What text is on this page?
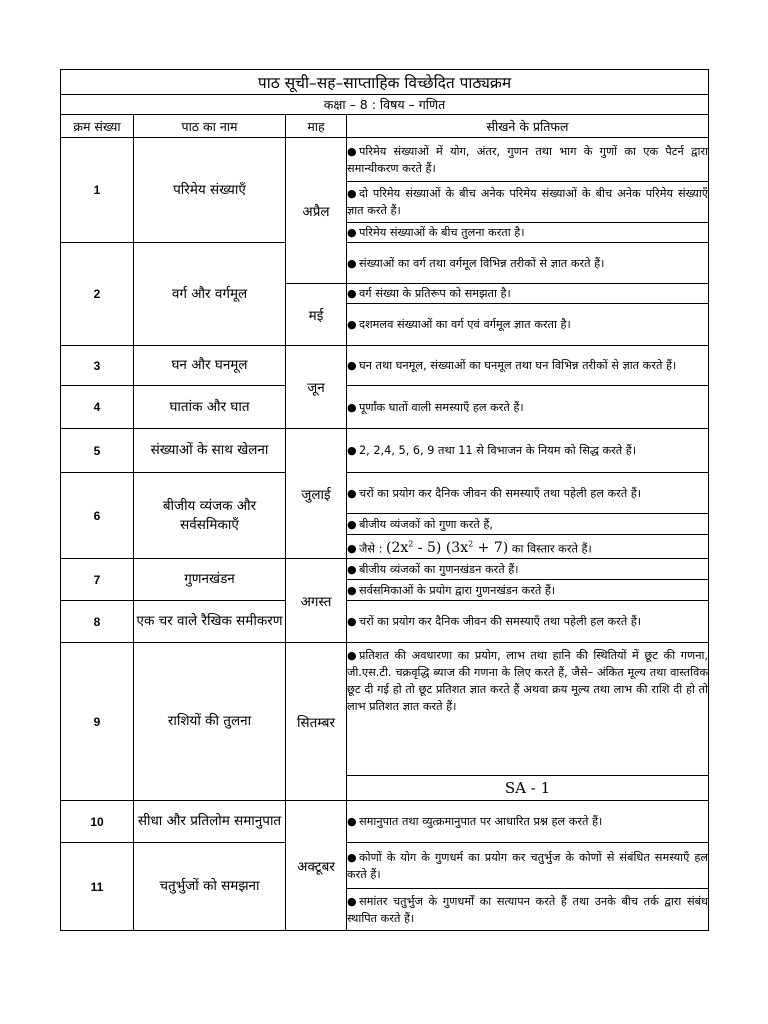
पाठ सूची–सह–साप्ताहिक विच्छेदित पाठ्यक्रम			
कक्षा – 8 : विषय – गणित			
क्रम संख्या	पाठ का नाम	माह	सीखने के प्रतिफल
1	परिमेय संख्याएँ	अप्रैल	● परिमेय संख्याओं में योग, अंतर, गुणन तथा भाग के गुणों का एक पैटर्न द्वारा समान्यीकरण करते हैं।
			● दो परिमेय संख्याओं के बीच अनेक परिमेय संख्याओं के बीच अनेक परिमेय संख्याएँ ज्ञात करते हैं।
			● परिमेय संख्याओं के बीच तुलना करता है।
2	वर्ग और वर्गमूल		● संख्याओं का वर्ग तथा वर्गमूल विभिन्न तरीकों से ज्ञात करते हैं।
		मई	● वर्ग संख्या के प्रतिरूप को समझता है।
			● दशमलव संख्याओं का वर्ग एवं वर्गमूल ज्ञात करता है।
3	घन और घनमूल	जून	● घन तथा घनमूल, संख्याओं का घनमूल तथा घन विभिन्न तरीकों से ज्ञात करते हैं।
4	घातांक और घात		● पूर्णांक घातों वाली समस्याएँ हल करते हैं।
5	संख्याओं के साथ खेलना	जुलाई	● 2, 2,4, 5, 6, 9 तथा 11 से विभाजन के नियम को सिद्ध करते हैं।
6	बीजीय व्यंजक और सर्वसमिकाएँ		● चरों का प्रयोग कर दैनिक जीवन की समस्याएँ तथा पहेली हल करते हैं।
			● बीजीय व्यंजकों को गुणा करते हैं,
			● जैसे : $(2x^2 - 5) (3x^2 + 7)$ का विस्तार करते हैं।
7	गुणनखंडन	अगस्त	● बीजीय व्यंजकों का गुणनखंडन करते हैं।
			● सर्वसमिकाओं के प्रयोग द्वारा गुणनखंडन करते हैं।
8	एक चर वाले रैखिक समीकरण		● चरों का प्रयोग कर दैनिक जीवन की समस्याएँ तथा पहेली हल करते हैं।
9	राशियों की तुलना	सितम्बर	● प्रतिशत की अवधारणा का प्रयोग, लाभ तथा हानि की स्थितियों में छूट की गणना, जी.एस.टी. चक्रवृद्धि ब्याज की गणना के लिए करते हैं, जैसे– अंकित मूल्य तथा वास्तविक छूट दी गई हो तो छूट प्रतिशत ज्ञात करते हैं अथवा क्रय मूल्य तथा लाभ की राशि दी हो तो लाभ प्रतिशत ज्ञात करते हैं।
			SA - 1
10	सीधा और प्रतिलोम समानुपात	अक्टूबर	● समानुपात तथा व्युत्क्रमानुपात पर आधारित प्रश्न हल करते हैं।
11	चतुर्भुजों को समझना		● कोणों के योग के गुणधर्म का प्रयोग कर चतुर्भुज के कोणों से संबंधित समस्याएँ हल करते हैं।
			● समांतर चतुर्भुज के गुणधर्मों का सत्यापन करते हैं तथा उनके बीच तर्क द्वारा संबंध स्थापित करते हैं।
